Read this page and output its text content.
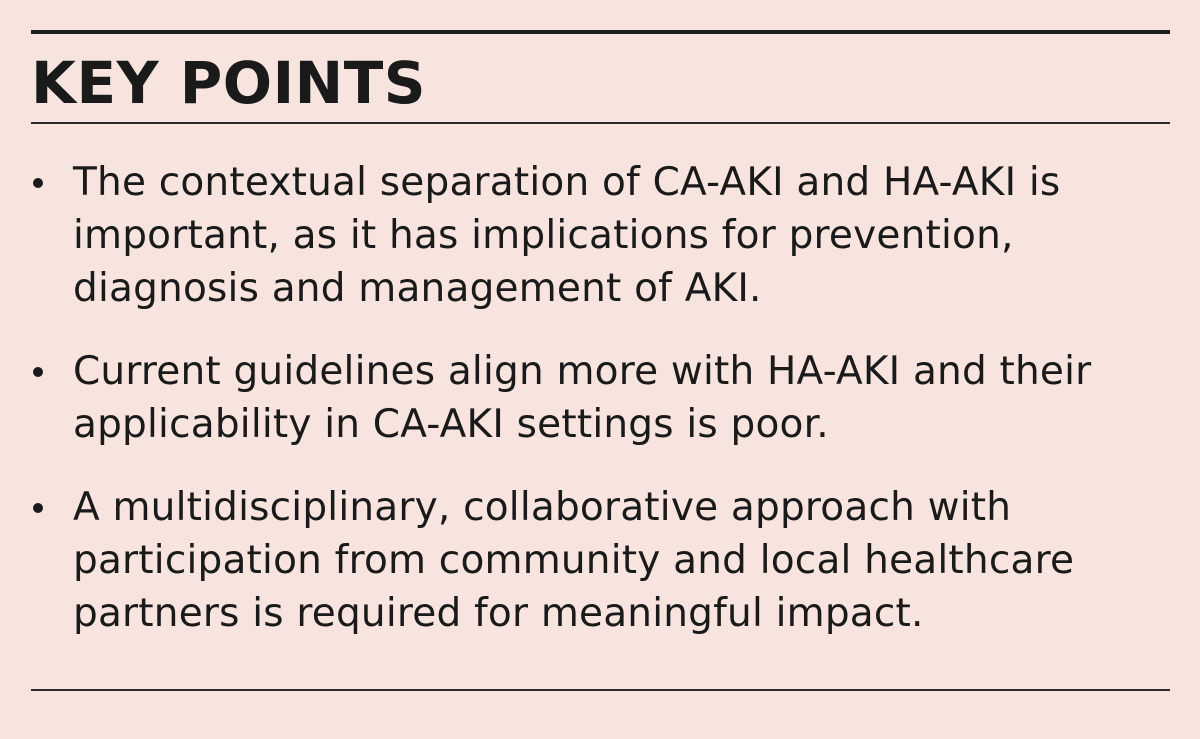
KEY POINTS
The contextual separation of CA-AKI and HA-AKI is important, as it has implications for prevention, diagnosis and management of AKI.
Current guidelines align more with HA-AKI and their applicability in CA-AKI settings is poor.
A multidisciplinary, collaborative approach with participation from community and local healthcare partners is required for meaningful impact.
